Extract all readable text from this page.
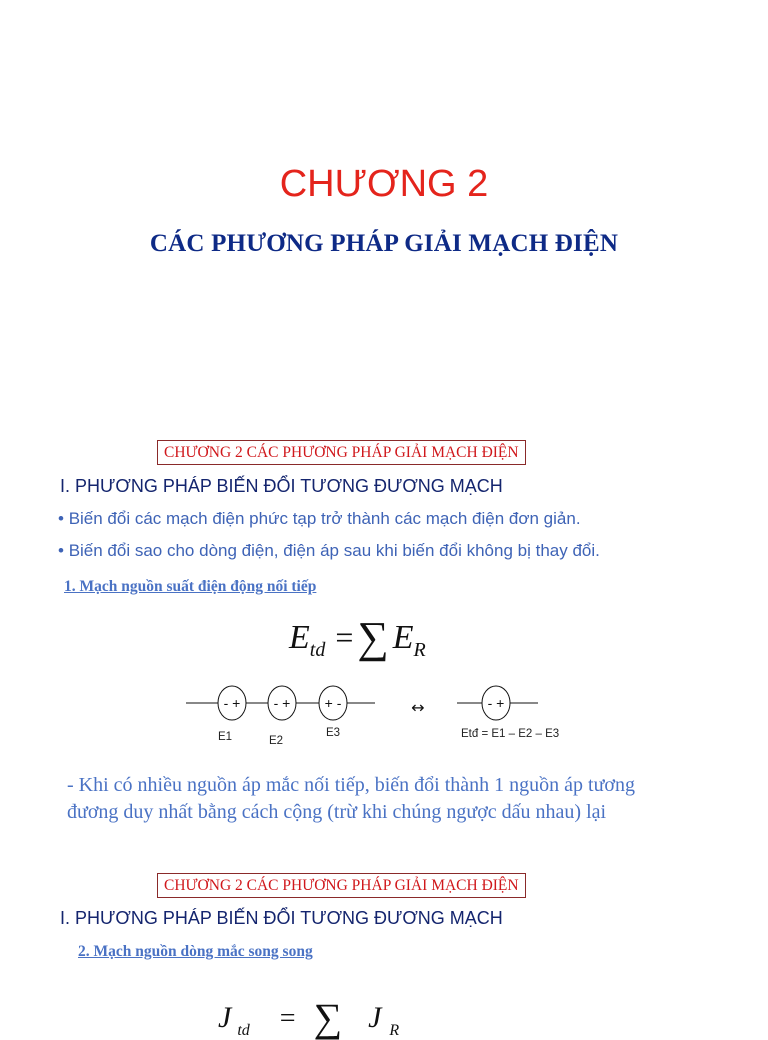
CHƯƠNG 2
CÁC PHƯƠNG PHÁP GIẢI MẠCH ĐIỆN
CHƯƠNG 2 CÁC PHƯƠNG PHÁP GIẢI MẠCH ĐIỆN
I. PHƯƠNG PHÁP BIẾN ĐỔI TƯƠNG ĐƯƠNG MẠCH
• Biến đổi các mạch điện phức tạp trở thành các mạch điện đơn giản.
• Biến đổi sao cho dòng điện, điện áp sau khi biến đổi không bị thay đổi.
1. Mạch nguồn suất điện động nối tiếp
Etd = ∑ ER
- + - + + -	↔	- +
E1	E2
E3	Etđ = E1 – E2 – E3
- Khi có nhiều nguồn áp mắc nối tiếp, biến đổi thành 1 nguồn áp tương
đương duy nhất bằng cách cộng (trừ khi chúng ngược dấu nhau) lại
CHƯƠNG 2 CÁC PHƯƠNG PHÁP GIẢI MẠCH ĐIỆN
I. PHƯƠNG PHÁP BIẾN ĐỔI TƯƠNG ĐƯƠNG MẠCH
2. Mạch nguồn dòng mắc song song
Jtd = ∑ J R
